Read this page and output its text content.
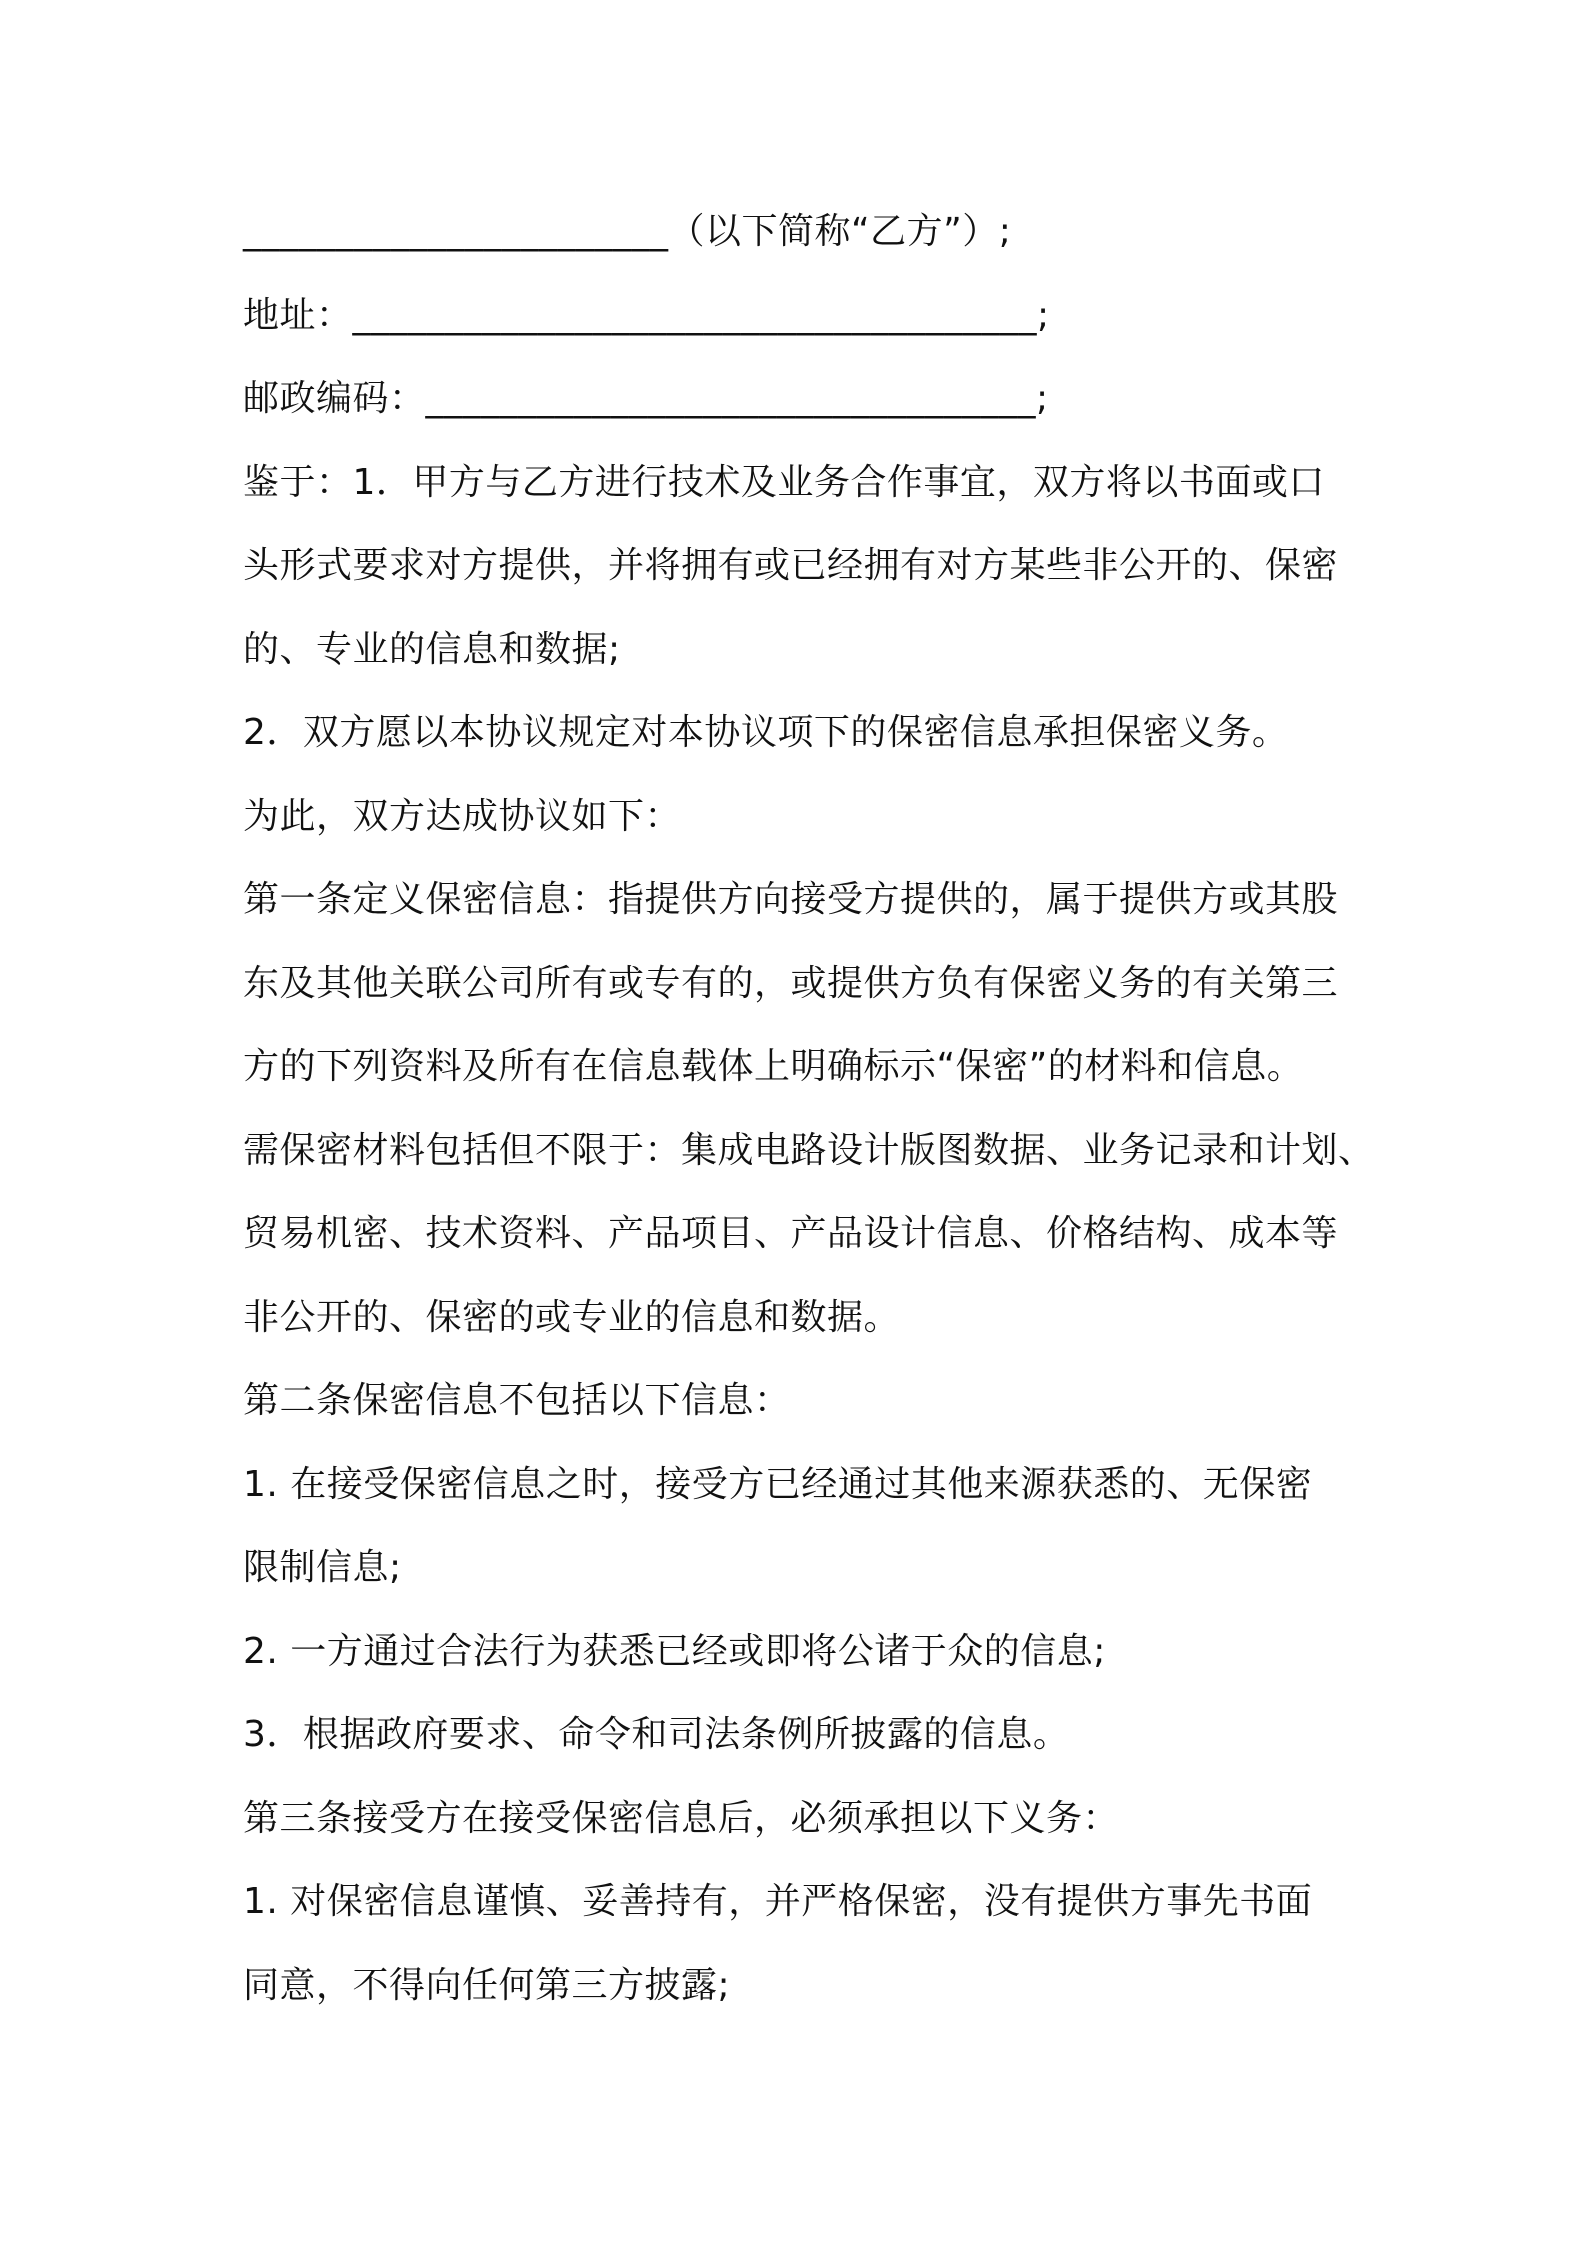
_______________________（以下简称“乙方”）;
地址：_____________________________________;
邮政编码：_________________________________;
鉴于：1．甲方与乙方进行技术及业务合作事宜，双方将以书面或口
头形式要求对方提供，并将拥有或已经拥有对方某些非公开的、保密
的、专业的信息和数据;
2．双方愿以本协议规定对本协议项下的保密信息承担保密义务。
为此，双方达成协议如下：
第一条定义保密信息：指提供方向接受方提供的，属于提供方或其股
东及其他关联公司所有或专有的，或提供方负有保密义务的有关第三
方的下列资料及所有在信息载体上明确标示“保密”的材料和信息。
需保密材料包括但不限于：集成电路设计版图数据、业务记录和计划、
贸易机密、技术资料、产品项目、产品设计信息、价格结构、成本等
非公开的、保密的或专业的信息和数据。
第二条保密信息不包括以下信息：
1. 在接受保密信息之时，接受方已经通过其他来源获悉的、无保密
限制信息;
2. 一方通过合法行为获悉已经或即将公诸于众的信息;
3．根据政府要求、命令和司法条例所披露的信息。
第三条接受方在接受保密信息后，必须承担以下义务：
1. 对保密信息谨慎、妥善持有，并严格保密，没有提供方事先书面
同意，不得向任何第三方披露;
